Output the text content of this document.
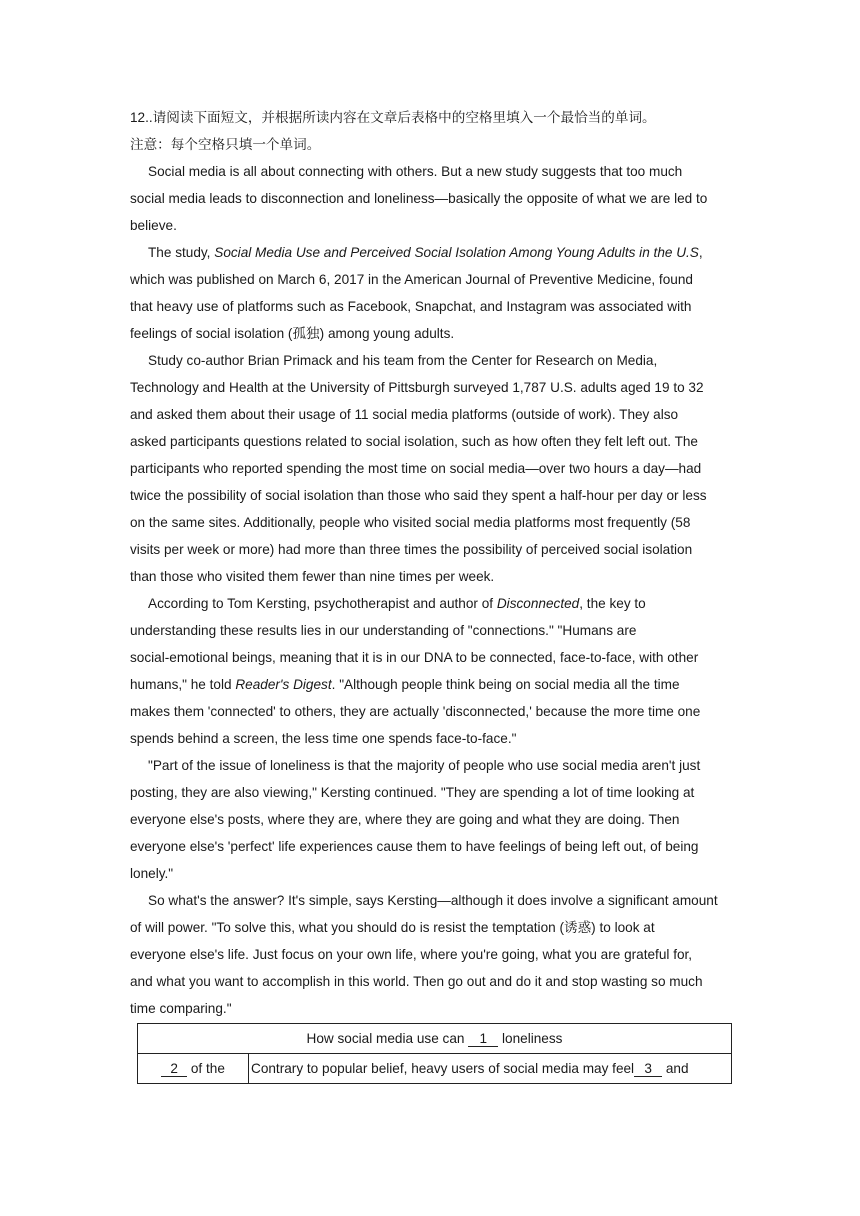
12..请阅读下面短文，并根据所读内容在文章后表格中的空格里填入一个最恰当的单词。
注意：每个空格只填一个单词。
Social media is all about connecting with others. But a new study suggests that too much
social media leads to disconnection and loneliness—basically the opposite of what we are led to
believe.
The study, Social Media Use and Perceived Social Isolation Among Young Adults in the U.S,
which was published on March 6, 2017 in the American Journal of Preventive Medicine, found
that heavy use of platforms such as Facebook, Snapchat, and Instagram was associated with
feelings of social isolation (孤独) among young adults.
Study co-author Brian Primack and his team from the Center for Research on Media,
Technology and Health at the University of Pittsburgh surveyed 1,787 U.S. adults aged 19 to 32
and asked them about their usage of 11 social media platforms (outside of work). They also
asked participants questions related to social isolation, such as how often they felt left out. The
participants who reported spending the most time on social media—over two hours a day—had
twice the possibility of social isolation than those who said they spent a half-hour per day or less
on the same sites. Additionally, people who visited social media platforms most frequently (58
visits per week or more) had more than three times the possibility of perceived social isolation
than those who visited them fewer than nine times per week.
According to Tom Kersting, psychotherapist and author of Disconnected, the key to
understanding these results lies in our understanding of "connections." "Humans are
social-emotional beings, meaning that it is in our DNA to be connected, face-to-face, with other
humans," he told Reader's Digest. "Although people think being on social media all the time
makes them 'connected' to others, they are actually 'disconnected,' because the more time one
spends behind a screen, the less time one spends face-to-face."
"Part of the issue of loneliness is that the majority of people who use social media aren't just
posting, they are also viewing," Kersting continued. "They are spending a lot of time looking at
everyone else's posts, where they are, where they are going and what they are doing. Then
everyone else's 'perfect' life experiences cause them to have feelings of being left out, of being
lonely."
So what's the answer? It's simple, says Kersting—although it does involve a significant amount
of will power. "To solve this, what you should do is resist the temptation (诱惑) to look at
everyone else's life. Just focus on your own life, where you're going, what you are grateful for,
and what you want to accomplish in this world. Then go out and do it and stop wasting so much
time comparing."
How social media use can 1 loneliness
2 of the	Contrary to popular belief, heavy users of social media may feel 3 and
